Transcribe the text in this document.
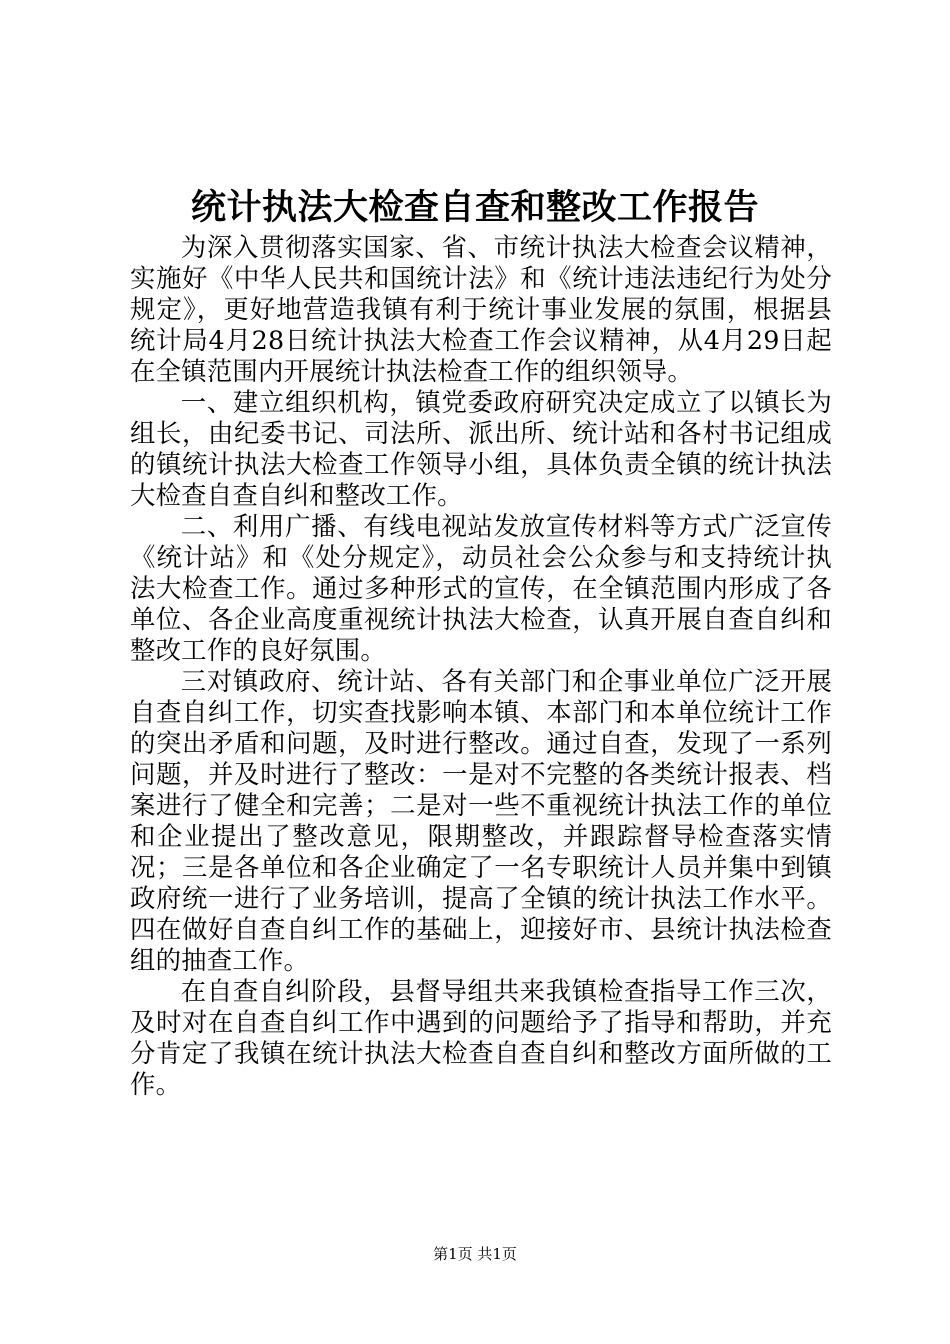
统计执法大检查自查和整改工作报告

为深入贯彻落实国家、省、市统计执法大检查会议精神，实施好《中华人民共和国统计法》和《统计违法违纪行为处分规定》，更好地营造我镇有利于统计事业发展的氛围，根据县统计局4月28日统计执法大检查工作会议精神，从4月29日起在全镇范围内开展统计执法检查工作的组织领导。

一、建立组织机构，镇党委政府研究决定成立了以镇长为组长，由纪委书记、司法所、派出所、统计站和各村书记组成的镇统计执法大检查工作领导小组，具体负责全镇的统计执法大检查自查自纠和整改工作。

二、利用广播、有线电视站发放宣传材料等方式广泛宣传《统计站》和《处分规定》，动员社会公众参与和支持统计执法大检查工作。通过多种形式的宣传，在全镇范围内形成了各单位、各企业高度重视统计执法大检查，认真开展自查自纠和整改工作的良好氛围。

三对镇政府、统计站、各有关部门和企事业单位广泛开展自查自纠工作，切实查找影响本镇、本部门和本单位统计工作的突出矛盾和问题，及时进行整改。通过自查，发现了一系列问题，并及时进行了整改：一是对不完整的各类统计报表、档案进行了健全和完善；二是对一些不重视统计执法工作的单位和企业提出了整改意见，限期整改，并跟踪督导检查落实情况；三是各单位和各企业确定了一名专职统计人员并集中到镇政府统一进行了业务培训，提高了全镇的统计执法工作水平。四在做好自查自纠工作的基础上，迎接好市、县统计执法检查组的抽查工作。

在自查自纠阶段，县督导组共来我镇检查指导工作三次，及时对在自查自纠工作中遇到的问题给予了指导和帮助，并充分肯定了我镇在统计执法大检查自查自纠和整改方面所做的工作。

第1页 共1页
